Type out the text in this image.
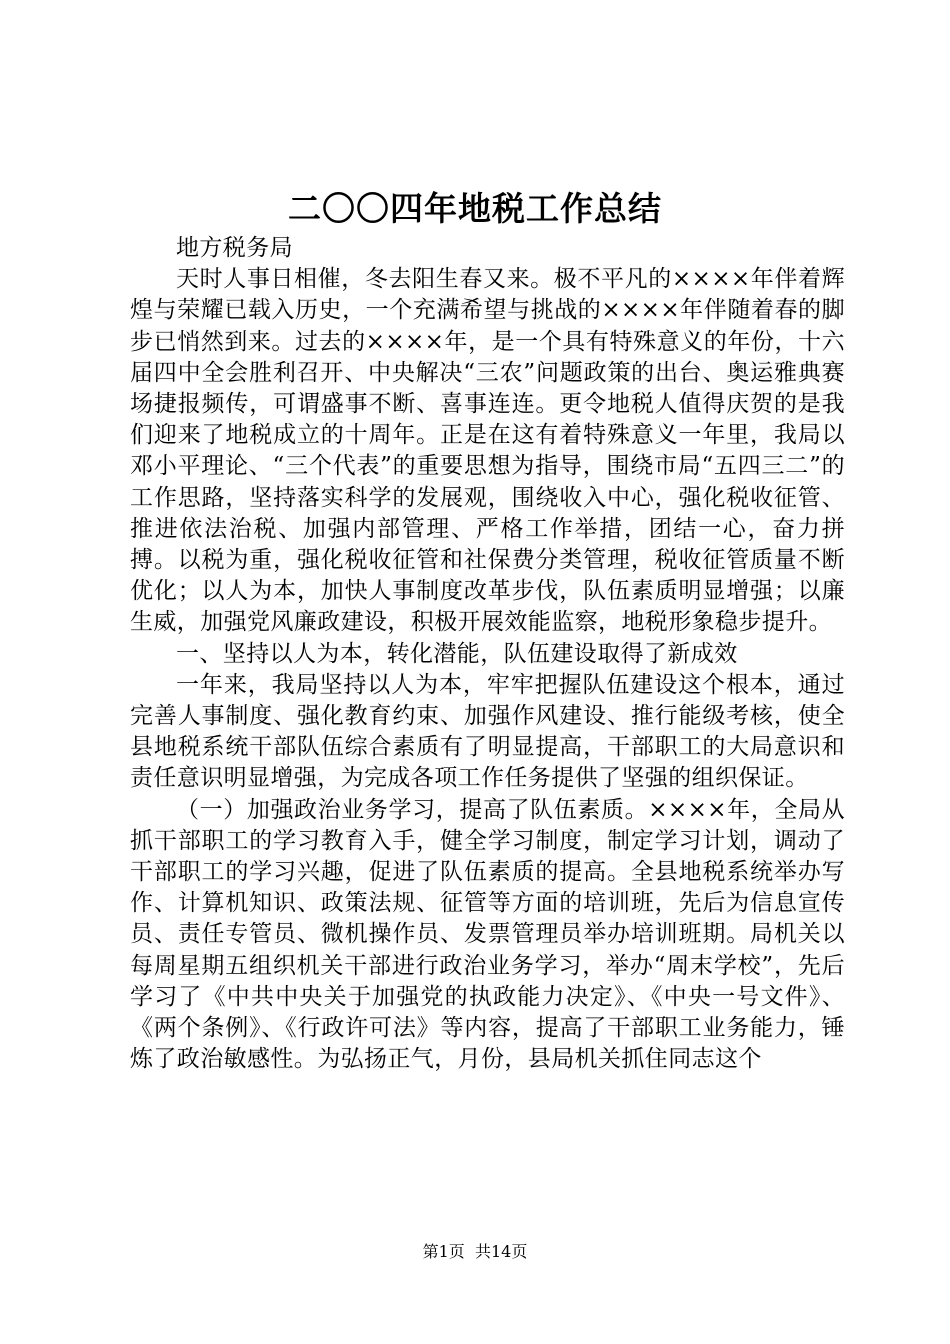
二〇〇四年地税工作总结

地方税务局

天时人事日相催，冬去阳生春又来。极不平凡的××××年伴着辉煌与荣耀已载入历史，一个充满希望与挑战的××××年伴随着春的脚步已悄然到来。过去的××××年，是一个具有特殊意义的年份，十六届四中全会胜利召开、中央解决“三农”问题政策的出台、奥运雅典赛场捷报频传，可谓盛事不断、喜事连连。更令地税人值得庆贺的是我们迎来了地税成立的十周年。正是在这有着特殊意义一年里，我局以邓小平理论、“三个代表”的重要思想为指导，围绕市局“五四三二”的工作思路，坚持落实科学的发展观，围绕收入中心，强化税收征管、推进依法治税、加强内部管理、严格工作举措，团结一心，奋力拼搏。以税为重，强化税收征管和社保费分类管理，税收征管质量不断优化；以人为本，加快人事制度改革步伐，队伍素质明显增强；以廉生威，加强党风廉政建设，积极开展效能监察，地税形象稳步提升。

一、坚持以人为本，转化潜能，队伍建设取得了新成效

一年来，我局坚持以人为本，牢牢把握队伍建设这个根本，通过完善人事制度、强化教育约束、加强作风建设、推行能级考核，使全县地税系统干部队伍综合素质有了明显提高，干部职工的大局意识和责任意识明显增强，为完成各项工作任务提供了坚强的组织保证。

（一）加强政治业务学习，提高了队伍素质。××××年，全局从抓干部职工的学习教育入手，健全学习制度，制定学习计划，调动了干部职工的学习兴趣，促进了队伍素质的提高。全县地税系统举办写作、计算机知识、政策法规、征管等方面的培训班，先后为信息宣传员、责任专管员、微机操作员、发票管理员举办培训班期。局机关以每周星期五组织机关干部进行政治业务学习，举办“周末学校”，先后学习了《中共中央关于加强党的执政能力决定》、《中央一号文件》、《两个条例》、《行政许可法》等内容，提高了干部职工业务能力，锤炼了政治敏感性。为弘扬正气，月份，县局机关抓住同志这个

第1页 共14页
